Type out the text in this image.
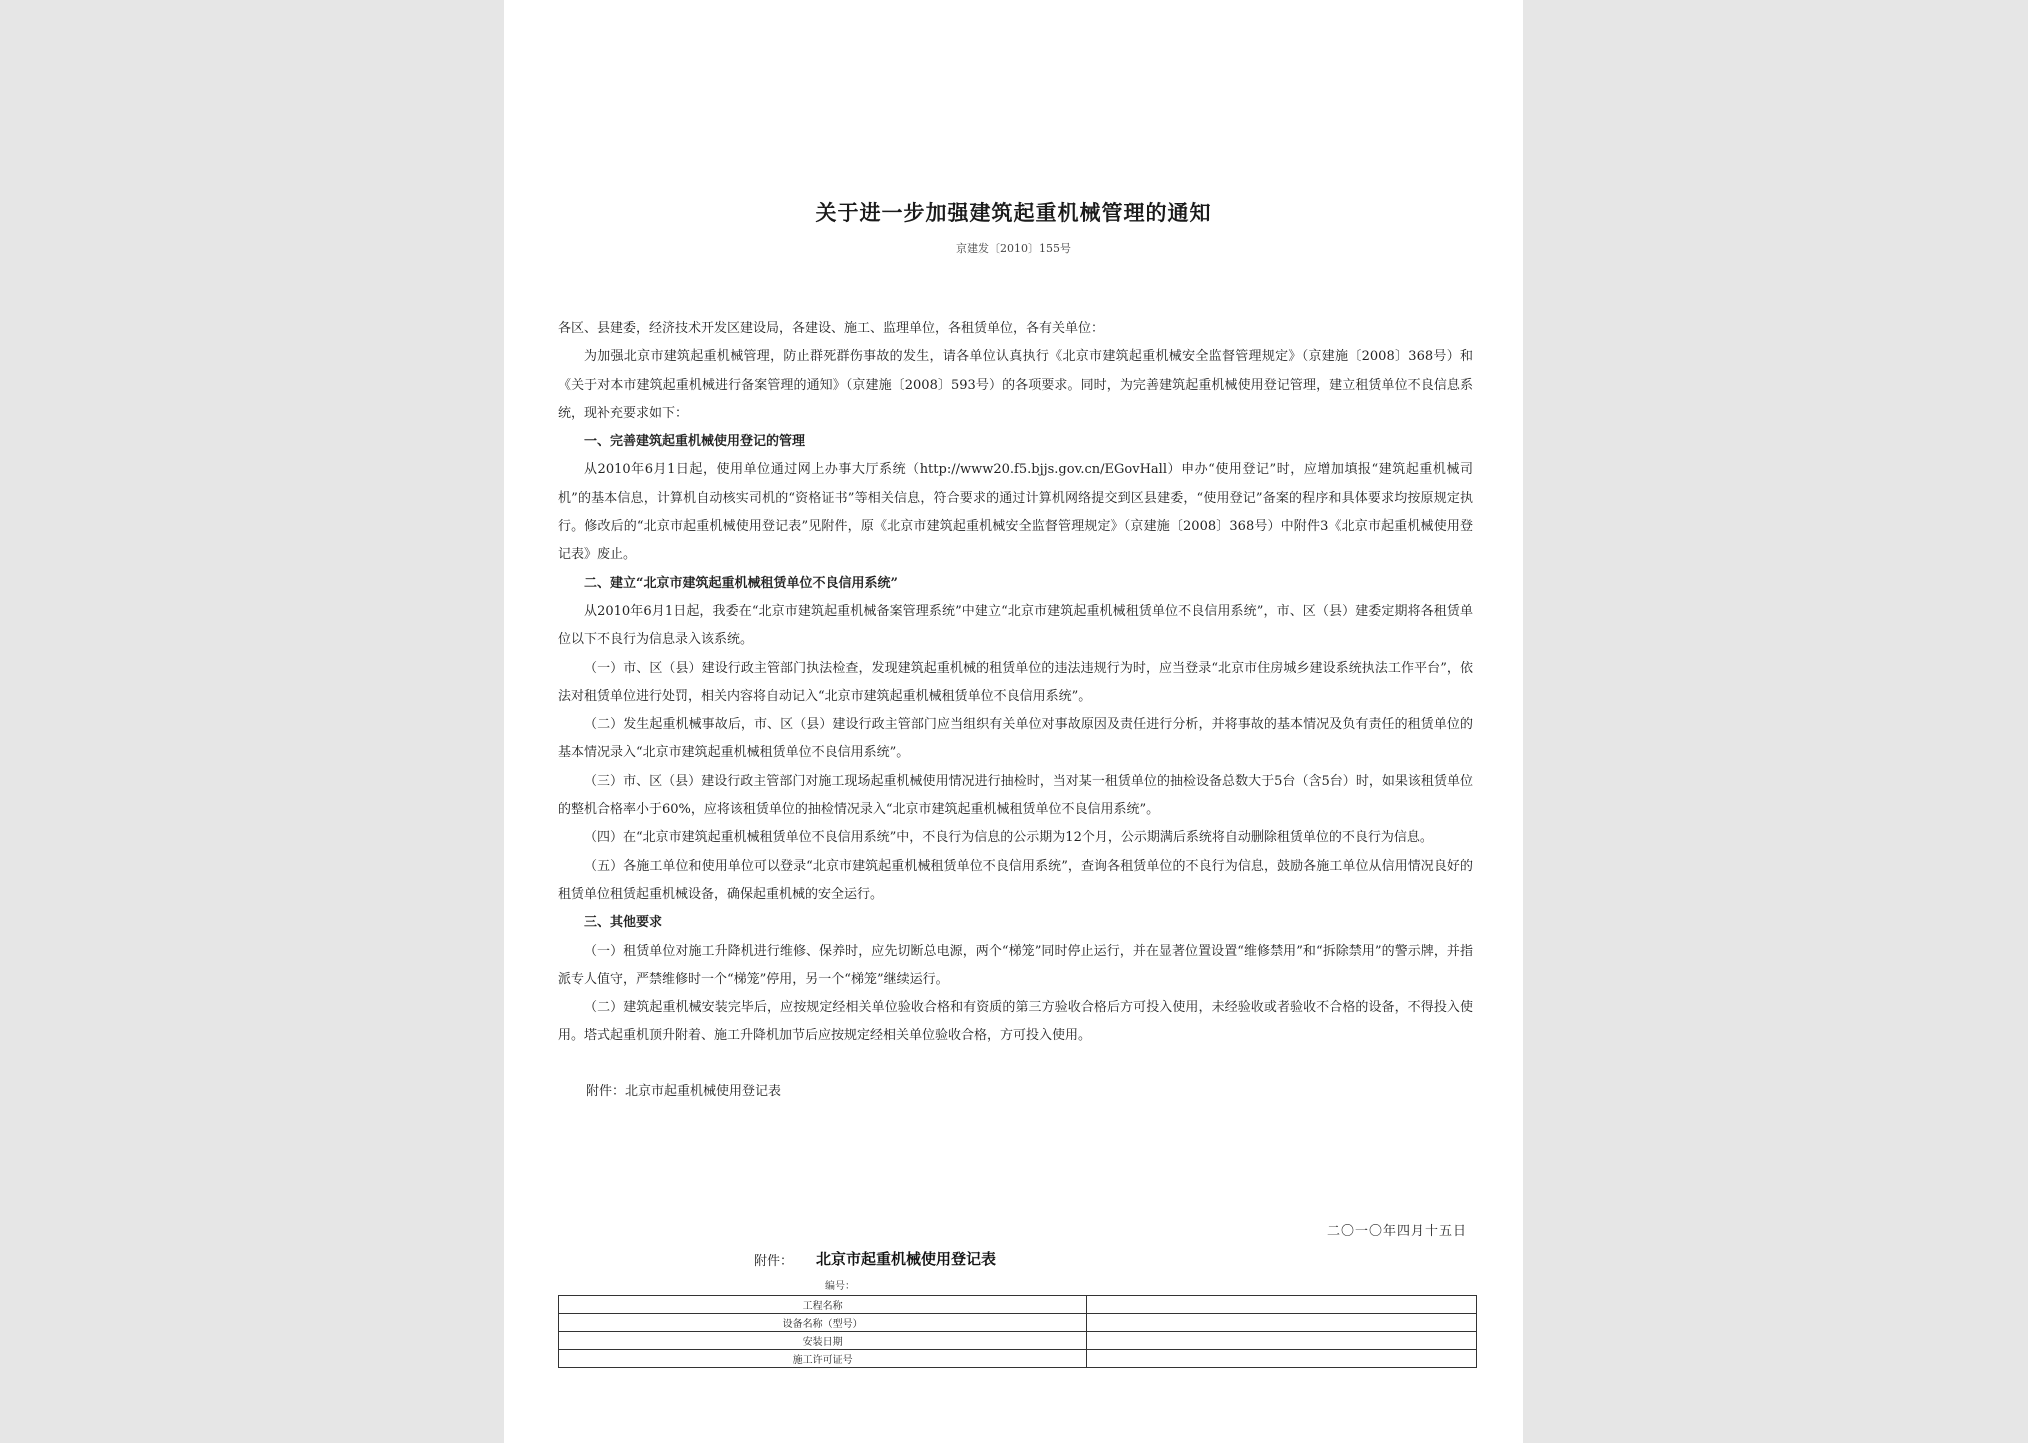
关于进一步加强建筑起重机械管理的通知
京建发〔2010〕155号

各区、县建委，经济技术开发区建设局，各建设、施工、监理单位，各租赁单位，各有关单位：

为加强北京市建筑起重机械管理，防止群死群伤事故的发生，请各单位认真执行《北京市建筑起重机械安全监督管理规定》（京建施〔2008〕368号）和《关于对本市建筑起重机械进行备案管理的通知》（京建施〔2008〕593号）的各项要求。同时，为完善建筑起重机械使用登记管理，建立租赁单位不良信息系统，现补充要求如下：

一、完善建筑起重机械使用登记的管理

从2010年6月1日起，使用单位通过网上办事大厅系统（http://www20.f5.bjjs.gov.cn/EGovHall）申办“使用登记”时，应增加填报“建筑起重机械司机”的基本信息，计算机自动核实司机的“资格证书”等相关信息，符合要求的通过计算机网络提交到区县建委，“使用登记”备案的程序和具体要求均按原规定执行。修改后的“北京市起重机械使用登记表”见附件，原《北京市建筑起重机械安全监督管理规定》（京建施〔2008〕368号）中附件3《北京市起重机械使用登记表》废止。

二、建立“北京市建筑起重机械租赁单位不良信用系统”

从2010年6月1日起，我委在“北京市建筑起重机械备案管理系统”中建立“北京市建筑起重机械租赁单位不良信用系统”，市、区（县）建委定期将各租赁单位以下不良行为信息录入该系统。

（一）市、区（县）建设行政主管部门执法检查，发现建筑起重机械的租赁单位的违法违规行为时，应当登录“北京市住房城乡建设系统执法工作平台”，依法对租赁单位进行处罚，相关内容将自动记入“北京市建筑起重机械租赁单位不良信用系统”。

（二）发生起重机械事故后，市、区（县）建设行政主管部门应当组织有关单位对事故原因及责任进行分析，并将事故的基本情况及负有责任的租赁单位的基本情况录入“北京市建筑起重机械租赁单位不良信用系统”。

（三）市、区（县）建设行政主管部门对施工现场起重机械使用情况进行抽检时，当对某一租赁单位的抽检设备总数大于5台（含5台）时，如果该租赁单位的整机合格率小于60%，应将该租赁单位的抽检情况录入“北京市建筑起重机械租赁单位不良信用系统”。

（四）在“北京市建筑起重机械租赁单位不良信用系统”中，不良行为信息的公示期为12个月，公示期满后系统将自动删除租赁单位的不良行为信息。

（五）各施工单位和使用单位可以登录“北京市建筑起重机械租赁单位不良信用系统”，查询各租赁单位的不良行为信息，鼓励各施工单位从信用情况良好的租赁单位租赁起重机械设备，确保起重机械的安全运行。

三、其他要求

（一）租赁单位对施工升降机进行维修、保养时，应先切断总电源，两个“梯笼”同时停止运行，并在显著位置设置“维修禁用”和“拆除禁用”的警示牌，并指派专人值守，严禁维修时一个“梯笼”停用，另一个“梯笼”继续运行。

（二）建筑起重机械安装完毕后，应按规定经相关单位验收合格和有资质的第三方验收合格后方可投入使用，未经验收或者验收不合格的设备，不得投入使用。塔式起重机顶升附着、施工升降机加节后应按规定经相关单位验收合格，方可投入使用。

附件：北京市起重机械使用登记表
二〇一〇年四月十五日
附件： 北京市起重机械使用登记表
编号：
工程名称	
设备名称（型号）	
安装日期	
施工许可证号	
